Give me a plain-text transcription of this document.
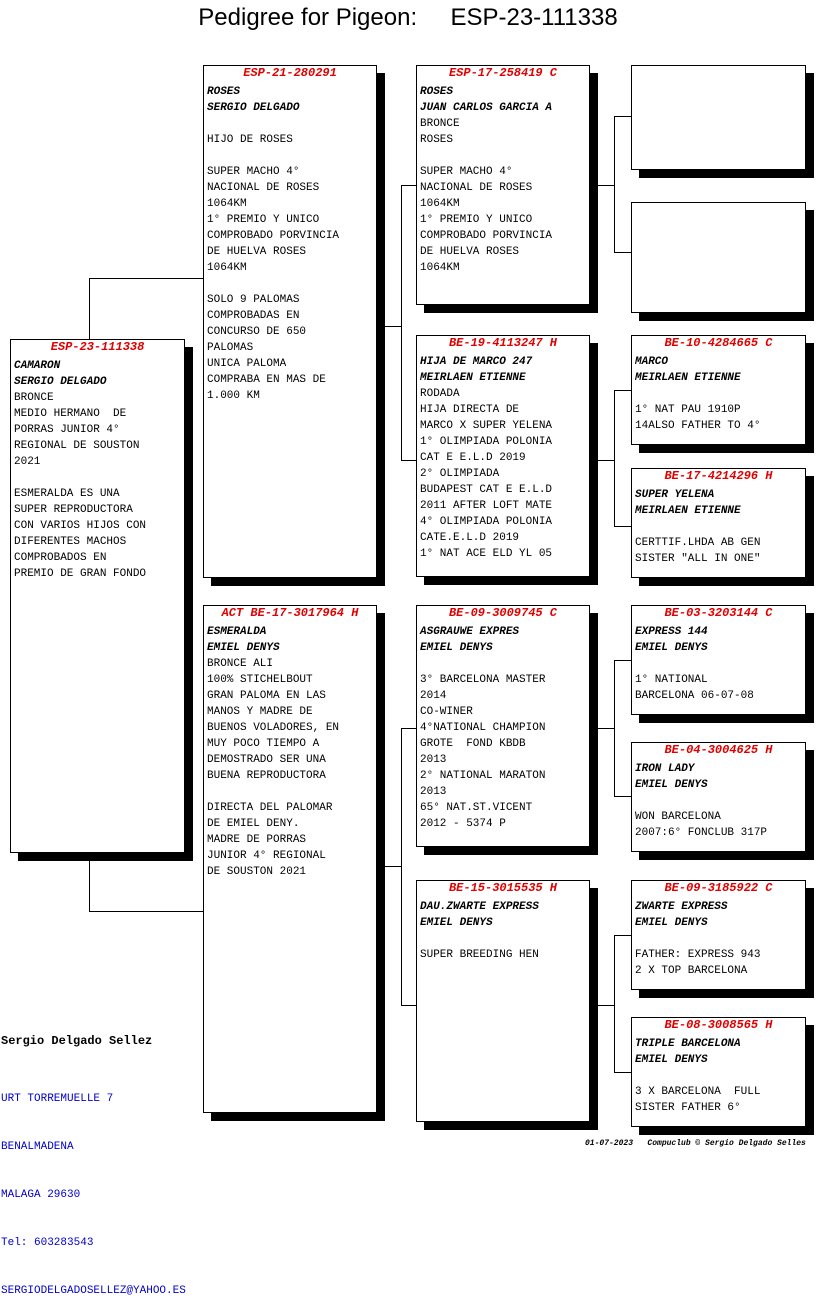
Pedigree for Pigeon:     ESP-23-111338
ESP-23-111338
CAMARON
SERGIO DELGADO
BRONCE
MEDIO HERMANO  DE
PORRAS JUNIOR 4°
REGIONAL DE SOUSTON
2021
ESMERALDA ES UNA
SUPER REPRODUCTORA
CON VARIOS HIJOS CON
DIFERENTES MACHOS
COMPROBADOS EN
PREMIO DE GRAN FONDO
ESP-21-280291
ROSES
SERGIO DELGADO
HIJO DE ROSES
SUPER MACHO 4°
NACIONAL DE ROSES
1064KM
1° PREMIO Y UNICO
COMPROBADO PORVINCIA
DE HUELVA ROSES
1064KM
SOLO 9 PALOMAS
COMPROBADAS EN
CONCURSO DE 650
PALOMAS
UNICA PALOMA
COMPRABA EN MAS DE
1.000 KM
ACT BE-17-3017964 H
ESMERALDA
EMIEL DENYS
BRONCE ALI
100% STICHELBOUT
GRAN PALOMA EN LAS
MANOS Y MADRE DE
BUENOS VOLADORES, EN
MUY POCO TIEMPO A
DEMOSTRADO SER UNA
BUENA REPRODUCTORA
DIRECTA DEL PALOMAR
DE EMIEL DENY.
MADRE DE PORRAS
JUNIOR 4° REGIONAL
DE SOUSTON 2021
ESP-17-258419 C
ROSES
JUAN CARLOS GARCIA A
BRONCE
ROSES
SUPER MACHO 4°
NACIONAL DE ROSES
1064KM
1° PREMIO Y UNICO
COMPROBADO PORVINCIA
DE HUELVA ROSES
1064KM
BE-19-4113247 H
HIJA DE MARCO 247
MEIRLAEN ETIENNE
RODADA
HIJA DIRECTA DE
MARCO X SUPER YELENA
1° OLIMPIADA POLONIA
CAT E E.L.D 2019
2° OLIMPIADA
BUDAPEST CAT E E.L.D
2011 AFTER LOFT MATE
4° OLIMPIADA POLONIA
CATE.E.L.D 2019
1° NAT ACE ELD YL 05
BE-09-3009745 C
ASGRAUWE EXPRES
EMIEL DENYS
3° BARCELONA MASTER
2014
CO-WINER
4°NATIONAL CHAMPION
GROTE  FOND KBDB
2013
2° NATIONAL MARATON
2013
65° NAT.ST.VICENT
2012 - 5374 P
BE-15-3015535 H
DAU.ZWARTE EXPRESS
EMIEL DENYS
SUPER BREEDING HEN
BE-10-4284665 C
MARCO
MEIRLAEN ETIENNE
1° NAT PAU 1910P
14ALSO FATHER TO 4°
BE-17-4214296 H
SUPER YELENA
MEIRLAEN ETIENNE
CERTTIF.LHDA AB GEN
SISTER "ALL IN ONE"
BE-03-3203144 C
EXPRESS 144
EMIEL DENYS
1° NATIONAL
BARCELONA 06-07-08
BE-04-3004625 H
IRON LADY
EMIEL DENYS
WON BARCELONA
2007:6° FONCLUB 317P
BE-09-3185922 C
ZWARTE EXPRESS
EMIEL DENYS
FATHER: EXPRESS 943
2 X TOP BARCELONA
BE-08-3008565 H
TRIPLE BARCELONA
EMIEL DENYS
3 X BARCELONA  FULL
SISTER FATHER 6°
Sergio Delgado Sellez

URT TORREMUELLE 7

BENALMADENA

MALAGA 29630

Tel: 603283543

SERGIODELGADOSELLEZ@YAHOO.ES

01-07-2023 Compuclub © Sergio Delgado Selles
